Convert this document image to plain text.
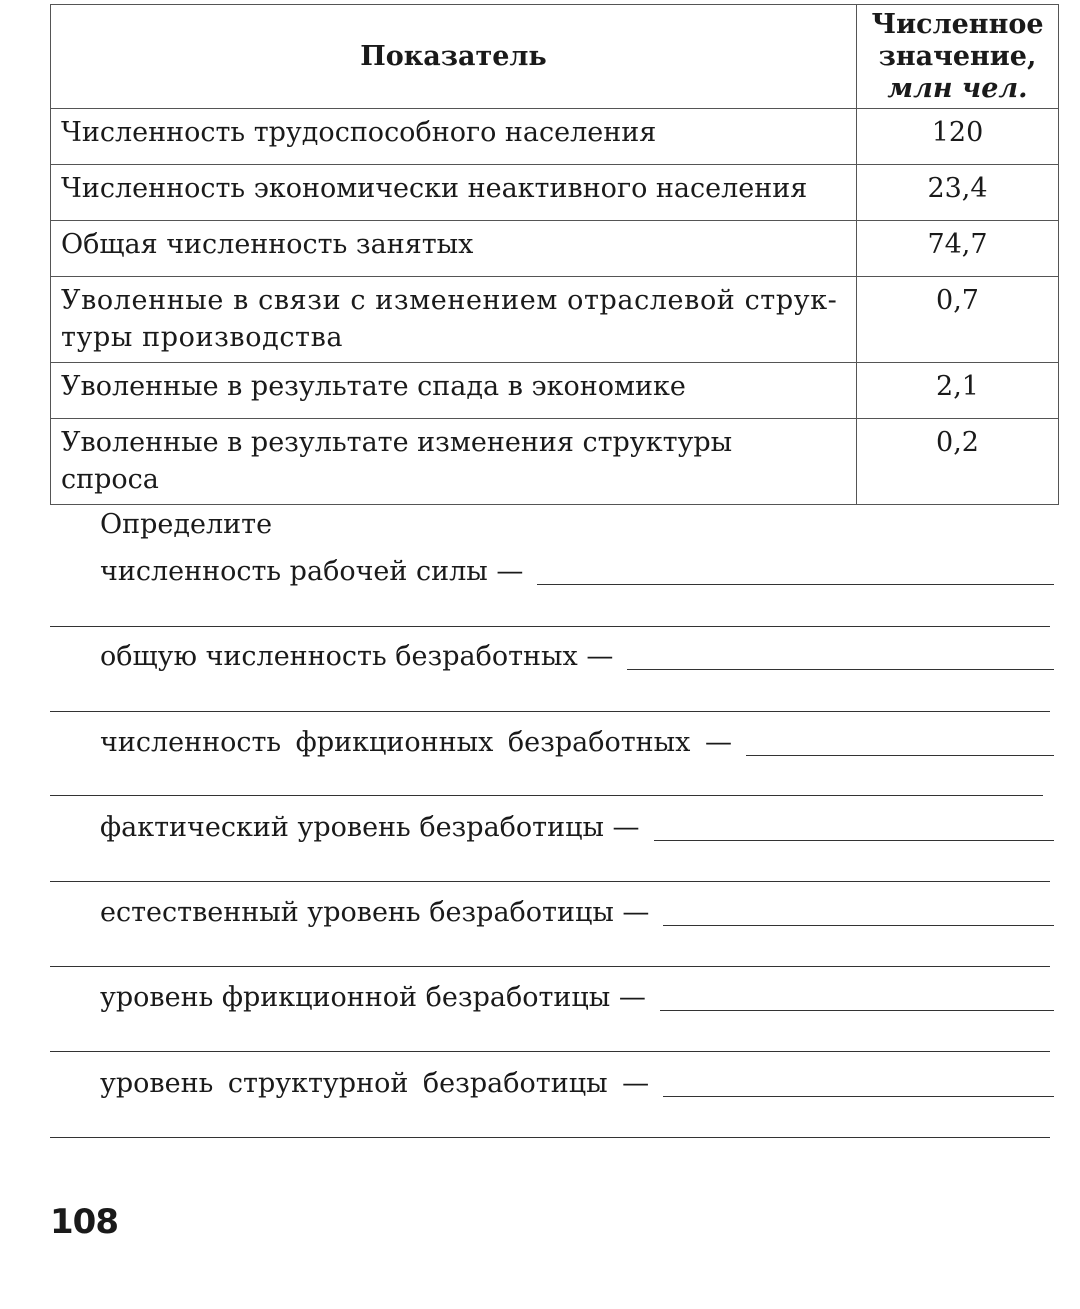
Показатель	Численное
значение,
млн чел.

Численность трудоспособного населения	120
Численность экономически неактивного населения	23,4
Общая численность занятых	74,7
Уволенные в связи с изменением отраслевой струк-туры производства	0,7
Уволенные в результате спада в экономике	2,1
Уволенные в результате изменения структуры спроса	0,2
Определите
численность рабочей силы —
общую численность безработных —
численность фрикционных безработных —
фактический уровень безработицы —
естественный уровень безработицы —
уровень фрикционной безработицы —
уровень структурной безработицы —
108
